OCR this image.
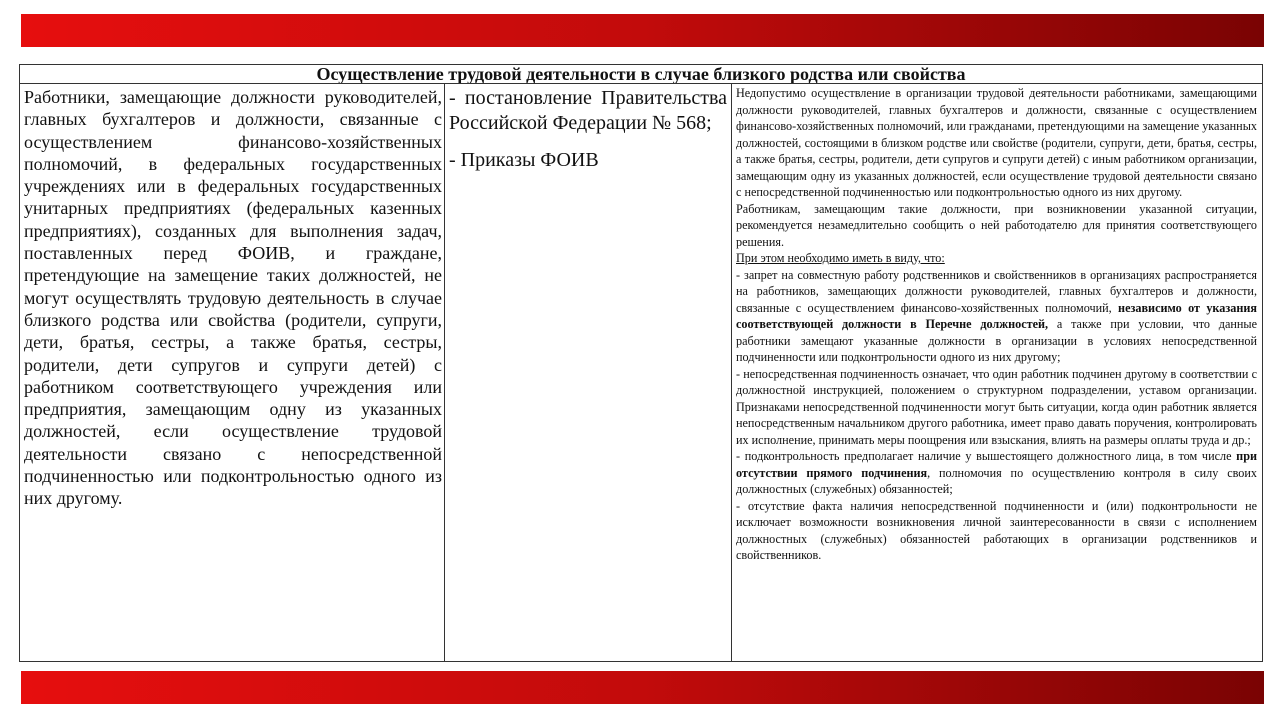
Осуществление трудовой деятельности в случае близкого родства или свойства
Работники, замещающие должности руководителей, главных бухгалтеров и должности, связанные с осуществлением финансово-хозяйственных полномочий, в федеральных государственных учреждениях или в федеральных государственных унитарных предприятиях (федеральных казенных предприятиях), созданных для выполнения задач, поставленных перед ФОИВ, и граждане, претендующие на замещение таких должностей, не могут осуществлять трудовую деятельность в случае близкого родства или свойства (родители, супруги, дети, братья, сестры, а также братья, сестры, родители, дети супругов и супруги детей) с работником соответствующего учреждения или предприятия, замещающим одну из указанных должностей, если осуществление трудовой деятельности связано с непосредственной подчиненностью или подконтрольностью одного из них другому.

- постановление Правительства Российской Федерации № 568;

- Приказы ФОИВ

Недопустимо осуществление в организации трудовой деятельности работниками, замещающими должности руководителей, главных бухгалтеров и должности, связанные с осуществлением финансово-хозяйственных полномочий, или гражданами, претендующими на замещение указанных должностей, состоящими в близком родстве или свойстве (родители, супруги, дети, братья, сестры, а также братья, сестры, родители, дети супругов и супруги детей) с иным работником организации, замещающим одну из указанных должностей, если осуществление трудовой деятельности связано с непосредственной подчиненностью или подконтрольностью одного из них другому.

Работникам, замещающим такие должности, при возникновении указанной ситуации, рекомендуется незамедлительно сообщить о ней работодателю для принятия соответствующего решения.

При этом необходимо иметь в виду, что:

- запрет на совместную работу родственников и свойственников в организациях распространяется на работников, замещающих должности руководителей, главных бухгалтеров и должности, связанные с осуществлением финансово-хозяйственных полномочий, независимо от указания соответствующей должности в Перечне должностей, а также при условии, что данные работники замещают указанные должности в организации в условиях непосредственной подчиненности или подконтрольности одного из них другому;

- непосредственная подчиненность означает, что один работник подчинен другому в соответствии с должностной инструкцией, положением о структурном подразделении, уставом организации. Признаками непосредственной подчиненности могут быть ситуации, когда один работник является непосредственным начальником другого работника, имеет право давать поручения, контролировать их исполнение, принимать меры поощрения или взыскания, влиять на размеры оплаты труда и др.;

- подконтрольность предполагает наличие у вышестоящего должностного лица, в том числе при отсутствии прямого подчинения, полномочия по осуществлению контроля в силу своих должностных (служебных) обязанностей;

- отсутствие факта наличия непосредственной подчиненности и (или) подконтрольности не исключает возможности возникновения личной заинтересованности в связи с исполнением должностных (служебных) обязанностей работающих в организации родственников и свойственников.
